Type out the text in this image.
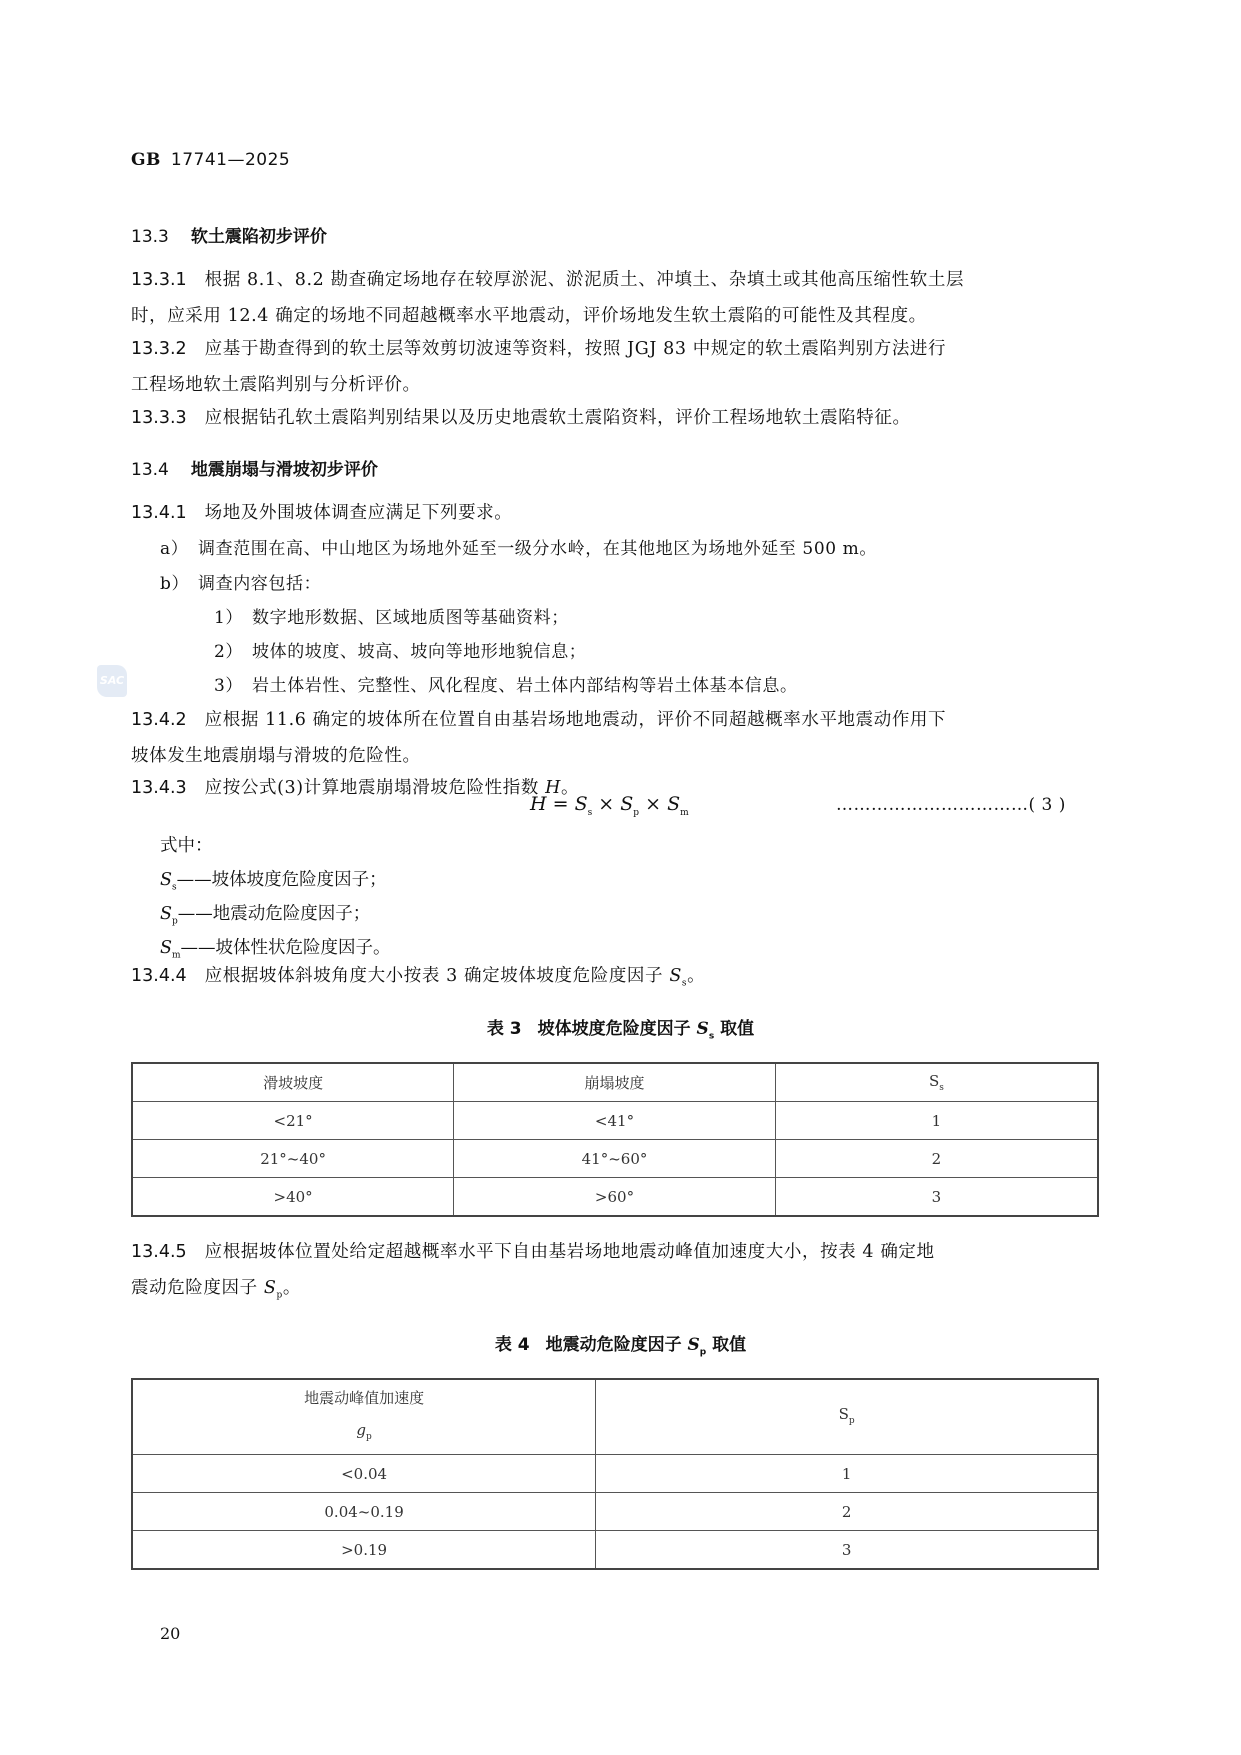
GB 17741—2025
SAC
13.3 软土震陷初步评价
13.3.1 根据 8.1、8.2 勘查确定场地存在较厚淤泥、淤泥质土、冲填土、杂填土或其他高压缩性软土层
时，应采用 12.4 确定的场地不同超越概率水平地震动，评价场地发生软土震陷的可能性及其程度。
13.3.2 应基于勘查得到的软土层等效剪切波速等资料，按照 JGJ 83 中规定的软土震陷判别方法进行
工程场地软土震陷判别与分析评价。
13.3.3 应根据钻孔软土震陷判别结果以及历史地震软土震陷资料，评价工程场地软土震陷特征。
13.4 地震崩塌与滑坡初步评价
13.4.1 场地及外围坡体调查应满足下列要求。
a） 调查范围在高、中山地区为场地外延至一级分水岭，在其他地区为场地外延至 500 m。
b） 调查内容包括：
1） 数字地形数据、区域地质图等基础资料；
2） 坡体的坡度、坡高、坡向等地形地貌信息；
3） 岩土体岩性、完整性、风化程度、岩土体内部结构等岩土体基本信息。
13.4.2 应根据 11.6 确定的坡体所在位置自由基岩场地地震动，评价不同超越概率水平地震动作用下
坡体发生地震崩塌与滑坡的危险性。
13.4.3 应按公式(3)计算地震崩塌滑坡危险性指数 H。
$H = S_s \times S_p \times S_m$	……………………………( 3 )
式中：
$S_s——$坡体坡度危险度因子；
$S_p——$地震动危险度因子；
$S_m——$坡体性状危险度因子。
13.4.4 应根据坡体斜坡角度大小按表 3 确定坡体坡度危险度因子 $S_s$。
表 3 坡体坡度危险度因子 $S_s$ 取值
滑坡坡度	崩塌坡度	$S_s$
<21°	<41°	1
21°~40°	41°~60°	2
>40°	>60°	3
13.4.5 应根据坡体位置处给定超越概率水平下自由基岩场地地震动峰值加速度大小，按表 4 确定地
震动危险度因子 $S_p$。
表 4 地震动危险度因子 $S_p$ 取值
地震动峰值加速度
$g_p$	$S_p$
<0.04	1
0.04~0.19	2
>0.19	3
20
